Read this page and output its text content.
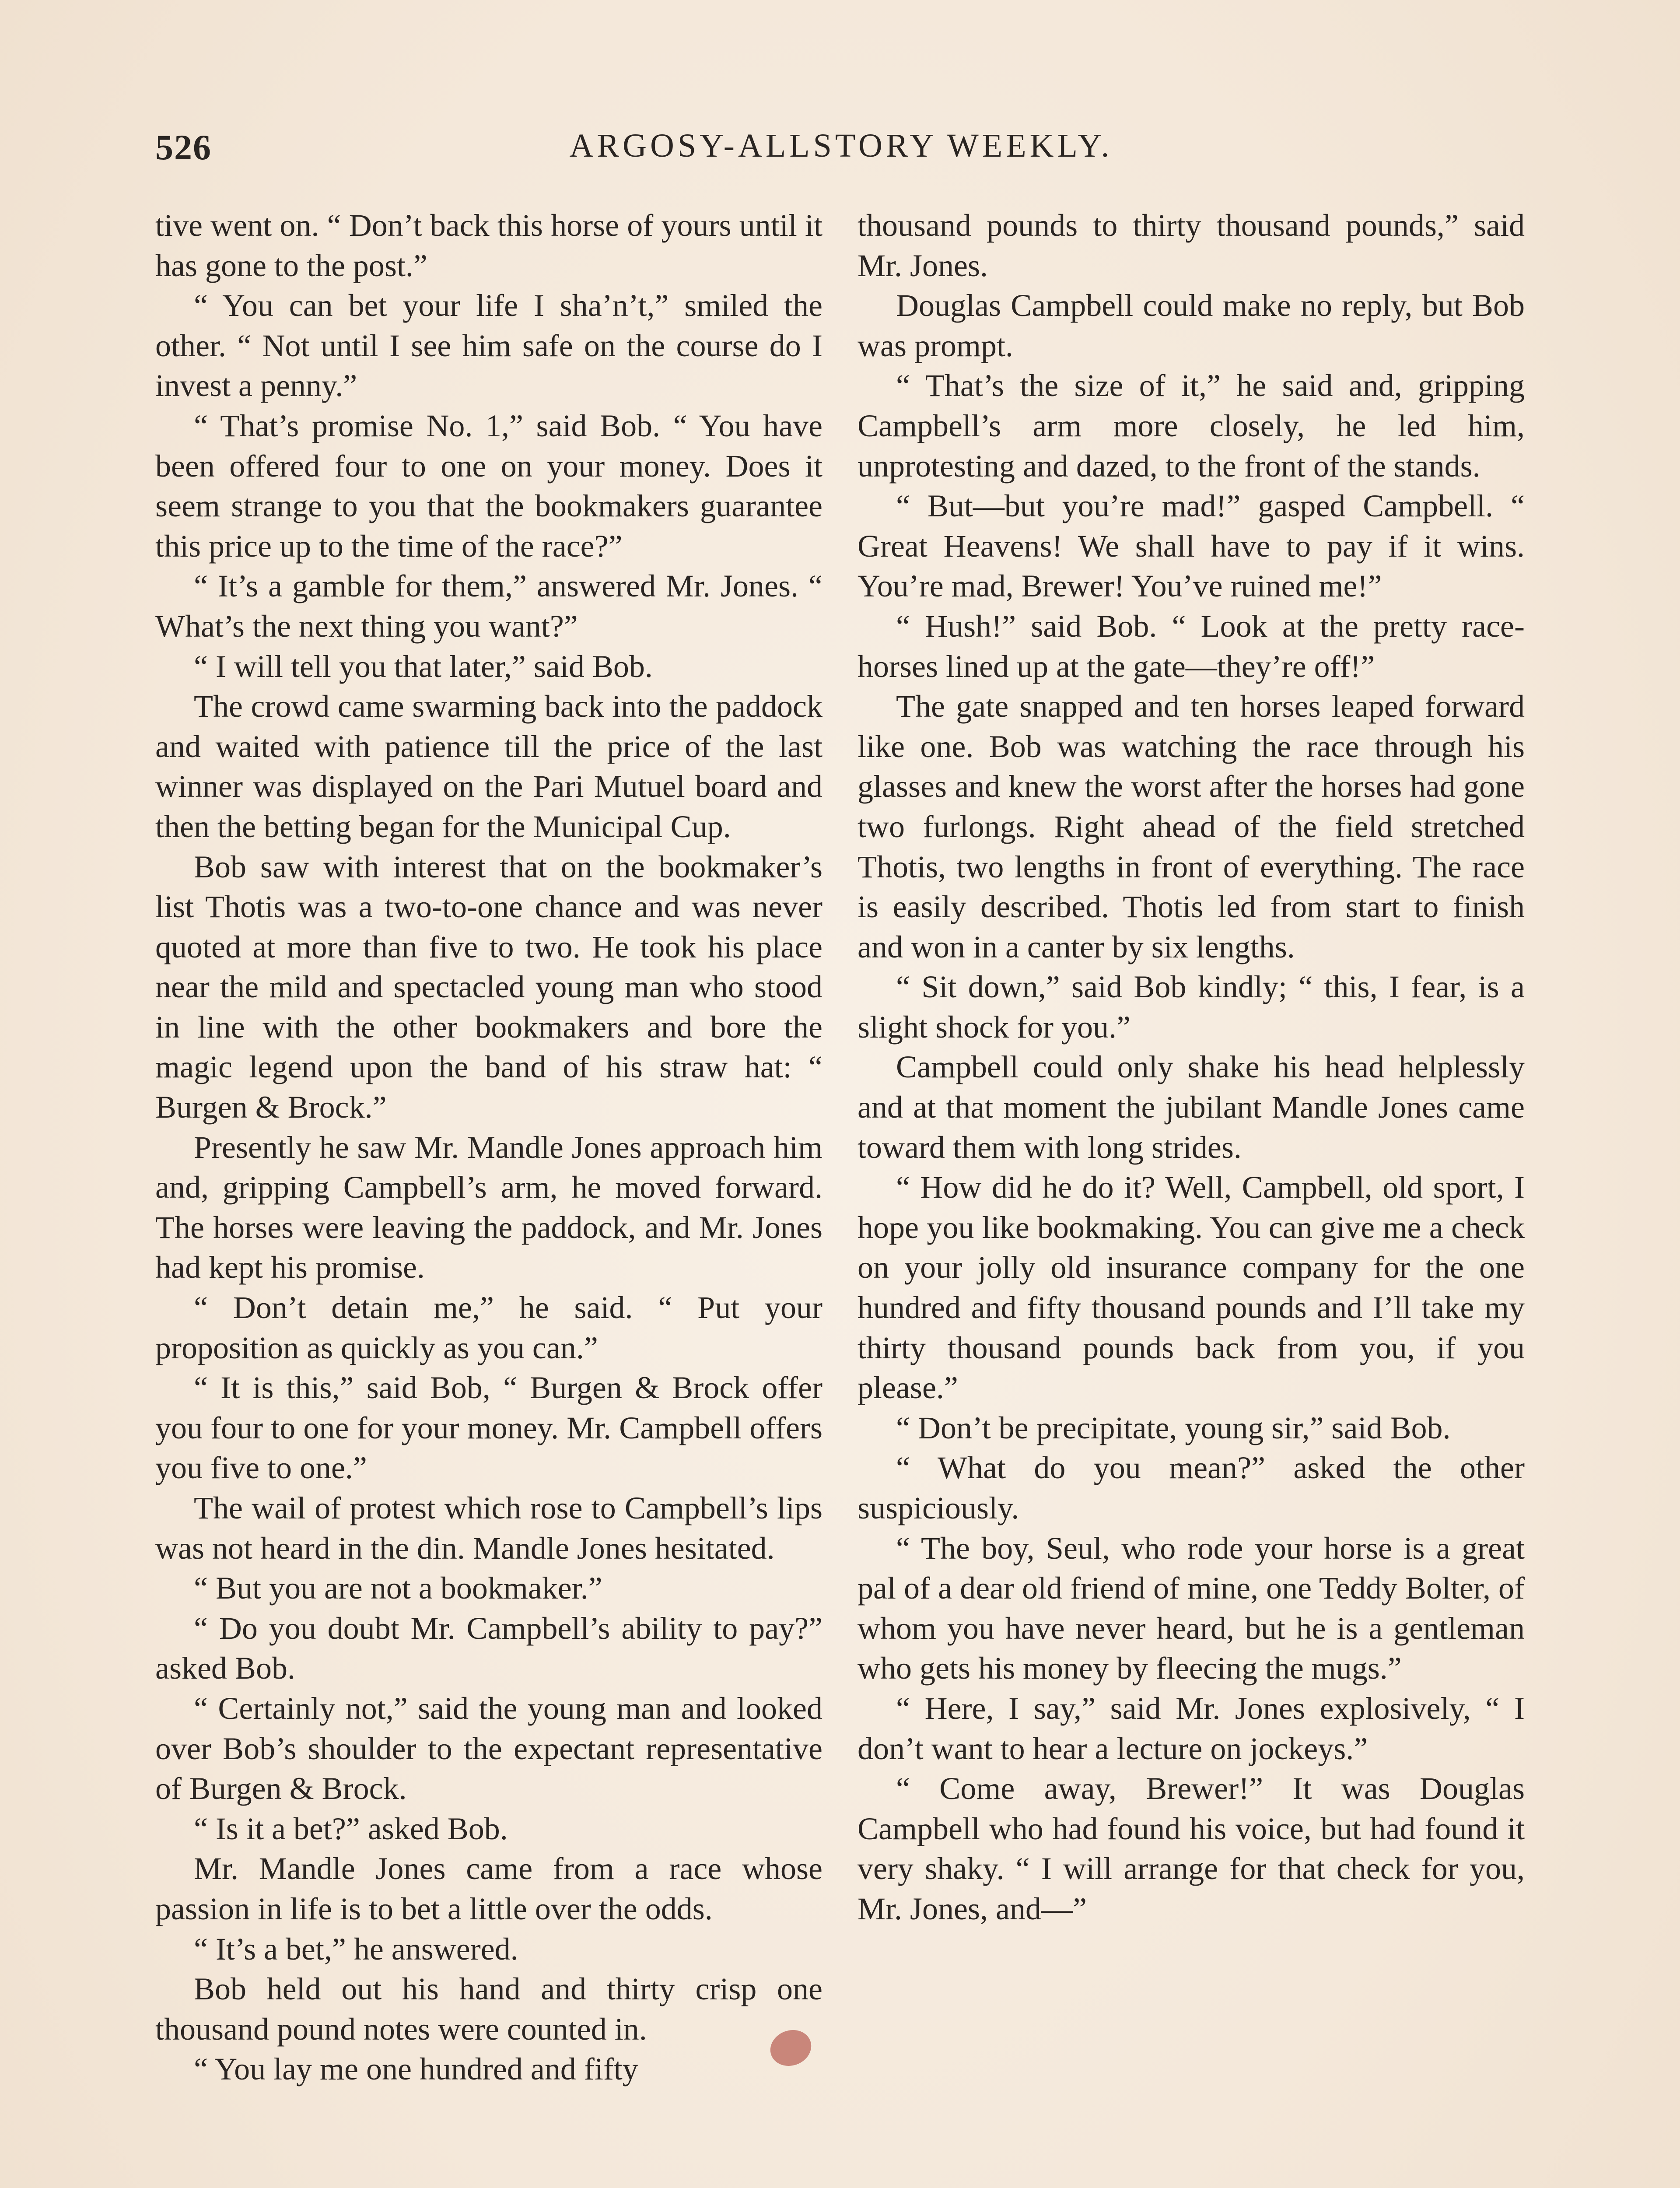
526	ARGOSY-ALLSTORY WEEKLY.

tive went on. “ Don’t back this horse of yours until it has gone to the post.”

“ You can bet your life I sha’n’t,” smiled the other. “ Not until I see him safe on the course do I invest a penny.”

“ That’s promise No. 1,” said Bob. “ You have been offered four to one on your money. Does it seem strange to you that the bookmakers guarantee this price up to the time of the race?”

“ It’s a gamble for them,” answered Mr. Jones. “ What’s the next thing you want?”

“ I will tell you that later,” said Bob.

The crowd came swarming back into the paddock and waited with patience till the price of the last winner was displayed on the Pari Mutuel board and then the betting began for the Municipal Cup.

Bob saw with interest that on the bookmaker’s list Thotis was a two-to-one chance and was never quoted at more than five to two. He took his place near the mild and spectacled young man who stood in line with the other bookmakers and bore the magic legend upon the band of his straw hat: “ Burgen & Brock.”

Presently he saw Mr. Mandle Jones approach him and, gripping Campbell’s arm, he moved forward. The horses were leaving the paddock, and Mr. Jones had kept his promise.

“ Don’t detain me,” he said. “ Put your proposition as quickly as you can.”

“ It is this,” said Bob, “ Burgen & Brock offer you four to one for your money. Mr. Campbell offers you five to one.”

The wail of protest which rose to Campbell’s lips was not heard in the din. Mandle Jones hesitated.

“ But you are not a bookmaker.”

“ Do you doubt Mr. Campbell’s ability to pay?” asked Bob.

“ Certainly not,” said the young man and looked over Bob’s shoulder to the expectant representative of Burgen & Brock.

“ Is it a bet?” asked Bob.

Mr. Mandle Jones came from a race whose passion in life is to bet a little over the odds.

“ It’s a bet,” he answered.

Bob held out his hand and thirty crisp one thousand pound notes were counted in.

“ You lay me one hundred and fifty

thousand pounds to thirty thousand pounds,” said Mr. Jones.

Douglas Campbell could make no reply, but Bob was prompt.

“ That’s the size of it,” he said and, gripping Campbell’s arm more closely, he led him, unprotesting and dazed, to the front of the stands.

“ But—but you’re mad!” gasped Campbell. “ Great Heavens! We shall have to pay if it wins. You’re mad, Brewer! You’ve ruined me!”

“ Hush!” said Bob. “ Look at the pretty race-horses lined up at the gate—they’re off!”

The gate snapped and ten horses leaped forward like one. Bob was watching the race through his glasses and knew the worst after the horses had gone two furlongs. Right ahead of the field stretched Thotis, two lengths in front of everything. The race is easily described. Thotis led from start to finish and won in a canter by six lengths.

“ Sit down,” said Bob kindly; “ this, I fear, is a slight shock for you.”

Campbell could only shake his head helplessly and at that moment the jubilant Mandle Jones came toward them with long strides.

“ How did he do it? Well, Campbell, old sport, I hope you like bookmaking. You can give me a check on your jolly old insurance company for the one hundred and fifty thousand pounds and I’ll take my thirty thousand pounds back from you, if you please.”

“ Don’t be precipitate, young sir,” said Bob.

“ What do you mean?” asked the other suspiciously.

“ The boy, Seul, who rode your horse is a great pal of a dear old friend of mine, one Teddy Bolter, of whom you have never heard, but he is a gentleman who gets his money by fleecing the mugs.”

“ Here, I say,” said Mr. Jones explosively, “ I don’t want to hear a lecture on jockeys.”

“ Come away, Brewer!” It was Douglas Campbell who had found his voice, but had found it very shaky. “ I will arrange for that check for you, Mr. Jones, and—”
